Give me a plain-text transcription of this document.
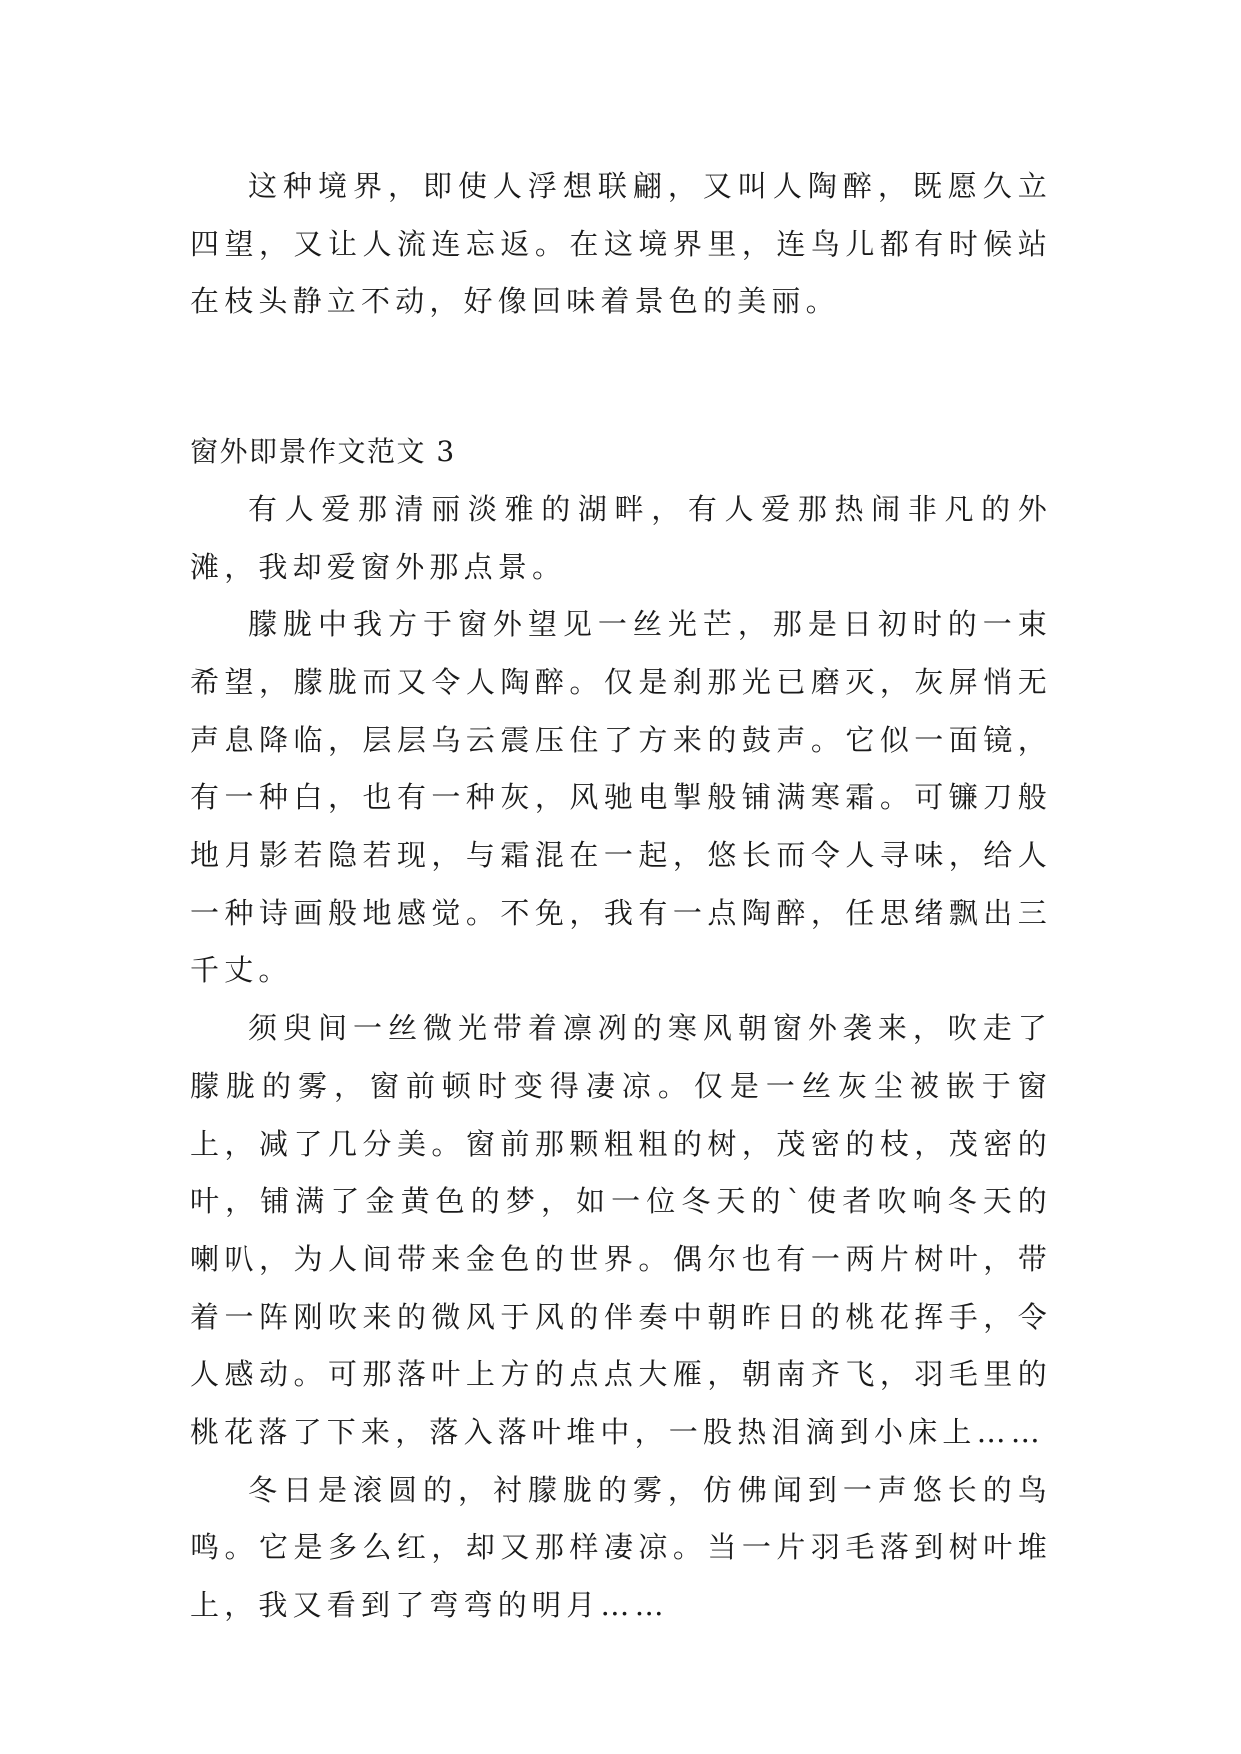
这种境界，即使人浮想联翩，又叫人陶醉，既愿久立四望，又让人流连忘返。在这境界里，连鸟儿都有时候站在枝头静立不动，好像回味着景色的美丽。

窗外即景作文范文 3

有人爱那清丽淡雅的湖畔，有人爱那热闹非凡的外滩，我却爱窗外那点景。

朦胧中我方于窗外望见一丝光芒，那是日初时的一束希望，朦胧而又令人陶醉。仅是刹那光已磨灭，灰屏悄无声息降临，层层乌云震压住了方来的鼓声。它似一面镜，有一种白，也有一种灰，风驰电掣般铺满寒霜。可镰刀般地月影若隐若现，与霜混在一起，悠长而令人寻味，给人一种诗画般地感觉。不免，我有一点陶醉，任思绪飘出三千丈。

须臾间一丝微光带着凛冽的寒风朝窗外袭来，吹走了朦胧的雾，窗前顿时变得凄凉。仅是一丝灰尘被嵌于窗上，减了几分美。窗前那颗粗粗的树，茂密的枝，茂密的叶，铺满了金黄色的梦，如一位冬天的`使者吹响冬天的喇叭，为人间带来金色的世界。偶尔也有一两片树叶，带着一阵刚吹来的微风于风的伴奏中朝昨日的桃花挥手，令人感动。可那落叶上方的点点大雁，朝南齐飞，羽毛里的桃花落了下来，落入落叶堆中，一股热泪滴到小床上……

冬日是滚圆的，衬朦胧的雾，仿佛闻到一声悠长的鸟鸣。它是多么红，却又那样凄凉。当一片羽毛落到树叶堆上，我又看到了弯弯的明月……
